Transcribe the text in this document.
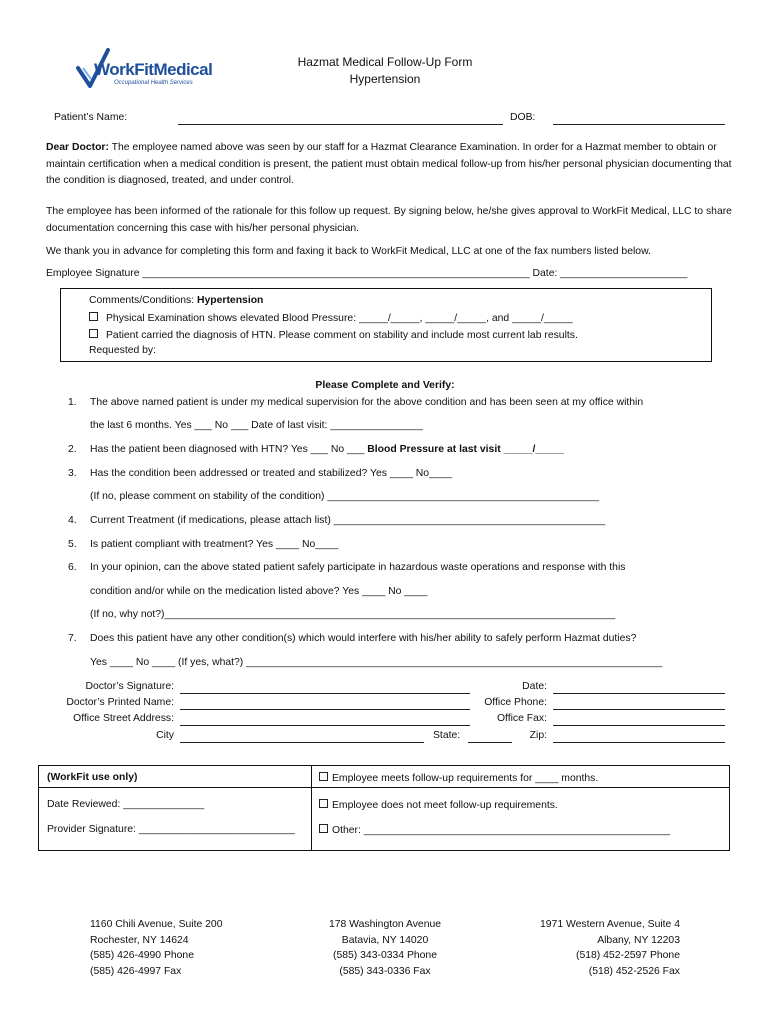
WorkFitMedical
Occupational Health Services
Hazmat Medical Follow-Up Form
Hypertension
Patient’s Name:	DOB:
Dear Doctor: The employee named above was seen by our staff for a Hazmat Clearance Examination. In order for a Hazmat member to obtain or maintain certification when a medical condition is present, the patient must obtain medical follow-up from his/her personal physician documenting that the condition is diagnosed, treated, and under control.
The employee has been informed of the rationale for this follow up request. By signing below, he/she gives approval to WorkFit Medical, LLC to share documentation concerning this case with his/her personal physician.
We thank you in advance for completing this form and faxing it back to WorkFit Medical, LLC at one of the fax numbers listed below.
Employee Signature ___________________________________________________________________ Date: ______________________
Comments/Conditions: Hypertension
Physical Examination shows elevated Blood Pressure: _____/_____, _____/_____, and _____/_____
Patient carried the diagnosis of HTN. Please comment on stability and include most current lab results.
Requested by:
Please Complete and Verify:
1. The above named patient is under my medical supervision for the above condition and has been seen at my office within
the last 6 months. Yes ___ No ___ Date of last visit: ________________
2. Has the patient been diagnosed with HTN? Yes ___ No ___ Blood Pressure at last visit _____/_____
3. Has the condition been addressed or treated and stabilized? Yes ____ No____
(If no, please comment on stability of the condition) _______________________________________________
4. Current Treatment (if medications, please attach list) _______________________________________________
5. Is patient compliant with treatment? Yes ____ No____
6. In your opinion, can the above stated patient safely participate in hazardous waste operations and response with this
condition and/or while on the medication listed above? Yes ____ No ____
(If no, why not?)______________________________________________________________________________
7. Does this patient have any other condition(s) which would interfere with his/her ability to safely perform Hazmat duties?
Yes ____ No ____ (If yes, what?) ________________________________________________________________________
Doctor’s Signature:
Doctor’s Printed Name:
Office Street Address:
City	State:
Date:
Office Phone:
Office Fax:
Zip:
(WorkFit use only)
Date Reviewed: ______________
Provider Signature: ___________________________
Employee meets follow-up requirements for ____ months.
Employee does not meet follow-up requirements.
Other: _____________________________________________________
1160 Chili Avenue, Suite 200
Rochester, NY 14624
(585) 426-4990 Phone
(585) 426-4997 Fax
178 Washington Avenue
Batavia, NY 14020
(585) 343-0334 Phone
(585) 343-0336 Fax
1971 Western Avenue, Suite 4
Albany, NY 12203
(518) 452-2597 Phone
(518) 452-2526 Fax
